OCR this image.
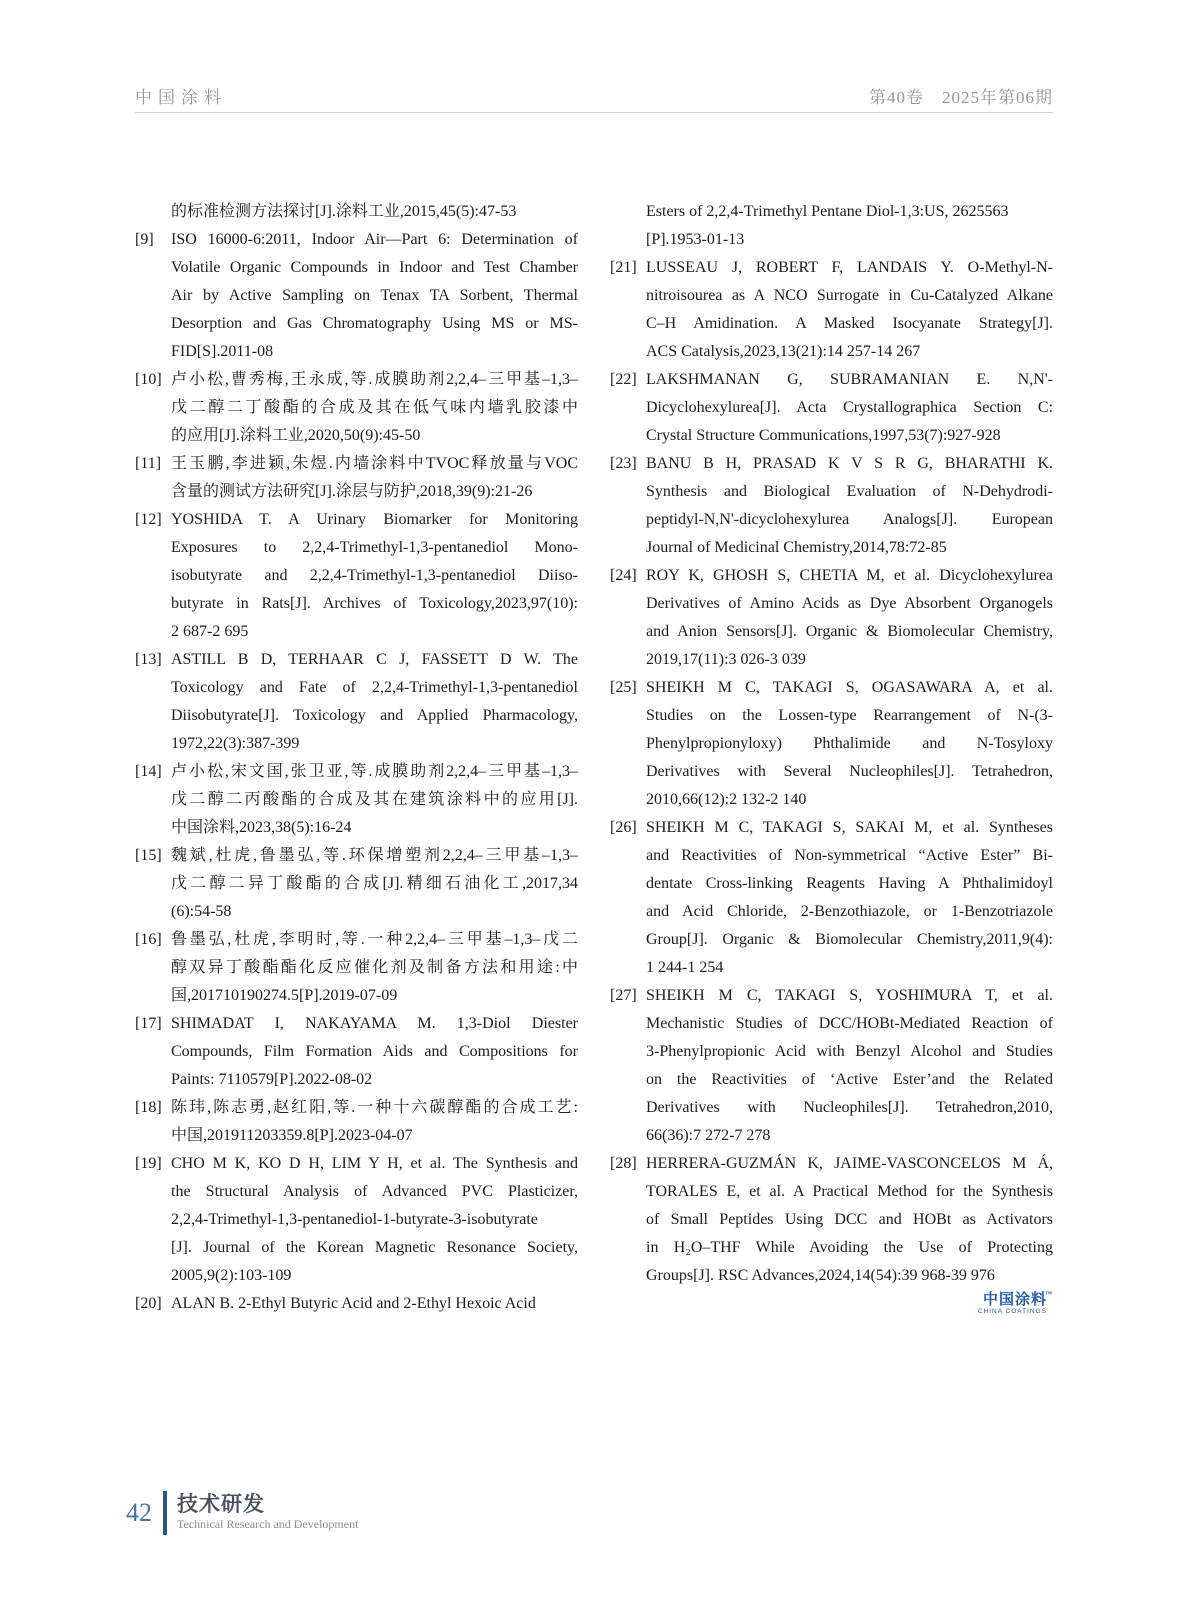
中国涂料	第40卷 2025年第06期
的标准检测方法探讨[J].涂料工业,2015,45(5):47-53
[9] ISO 16000-6:2011, Indoor Air—Part 6: Determination of
Volatile Organic Compounds in Indoor and Test Chamber
Air by Active Sampling on Tenax TA Sorbent, Thermal
Desorption and Gas Chromatography Using MS or MS-
FID[S].2011-08
[10] 卢小松,曹秀梅,王永成,等.成膜助剂2,2,4–三甲基–1,3–
戊二醇二丁酸酯的合成及其在低气味内墙乳胶漆中
的应用[J].涂料工业,2020,50(9):45-50
[11] 王玉鹏,李进颖,朱煜.内墙涂料中TVOC释放量与VOC
含量的测试方法研究[J].涂层与防护,2018,39(9):21-26
[12] YOSHIDA T. A Urinary Biomarker for Monitoring
Exposures to 2,2,4-Trimethyl-1,3-pentanediol Mono-
isobutyrate and 2,2,4-Trimethyl-1,3-pentanediol Diiso-
butyrate in Rats[J]. Archives of Toxicology,2023,97(10):
2 687-2 695
[13] ASTILL B D, TERHAAR C J, FASSETT D W. The
Toxicology and Fate of 2,2,4-Trimethyl-1,3-pentanediol
Diisobutyrate[J]. Toxicology and Applied Pharmacology,
1972,22(3):387-399
[14] 卢小松,宋文国,张卫亚,等.成膜助剂2,2,4–三甲基–1,3–
戊二醇二丙酸酯的合成及其在建筑涂料中的应用[J].
中国涂料,2023,38(5):16-24
[15] 魏斌,杜虎,鲁墨弘,等.环保增塑剂2,2,4–三甲基–1,3–
戊二醇二异丁酸酯的合成[J].精细石油化工,2017,34
(6):54-58
[16] 鲁墨弘,杜虎,李明时,等.一种2,2,4–三甲基–1,3–戊二
醇双异丁酸酯酯化反应催化剂及制备方法和用途:中
国,201710190274.5[P].2019-07-09
[17] SHIMADAT I, NAKAYAMA M. 1,3-Diol Diester
Compounds, Film Formation Aids and Compositions for
Paints: 7110579[P].2022-08-02
[18] 陈玮,陈志勇,赵红阳,等.一种十六碳醇酯的合成工艺:
中国,201911203359.8[P].2023-04-07
[19] CHO M K, KO D H, LIM Y H, et al. The Synthesis and
the Structural Analysis of Advanced PVC Plasticizer,
2,2,4-Trimethyl-1,3-pentanediol-1-butyrate-3-isobutyrate
[J]. Journal of the Korean Magnetic Resonance Society,
2005,9(2):103-109
[20] ALAN B. 2-Ethyl Butyric Acid and 2-Ethyl Hexoic Acid
Esters of 2,2,4-Trimethyl Pentane Diol-1,3:US, 2625563
[P].1953-01-13
[21] LUSSEAU J, ROBERT F, LANDAIS Y. O-Methyl-N-
nitroisourea as A NCO Surrogate in Cu-Catalyzed Alkane
C–H Amidination. A Masked Isocyanate Strategy[J].
ACS Catalysis,2023,13(21):14 257-14 267
[22] LAKSHMANAN G, SUBRAMANIAN E. N,N'-
Dicyclohexylurea[J]. Acta Crystallographica Section C:
Crystal Structure Communications,1997,53(7):927-928
[23] BANU B H, PRASAD K V S R G, BHARATHI K.
Synthesis and Biological Evaluation of N-Dehydrodi-
peptidyl-N,N'-dicyclohexylurea Analogs[J]. European
Journal of Medicinal Chemistry,2014,78:72-85
[24] ROY K, GHOSH S, CHETIA M, et al. Dicyclohexylurea
Derivatives of Amino Acids as Dye Absorbent Organogels
and Anion Sensors[J]. Organic & Biomolecular Chemistry,
2019,17(11):3 026-3 039
[25] SHEIKH M C, TAKAGI S, OGASAWARA A, et al.
Studies on the Lossen-type Rearrangement of N-(3-
Phenylpropionyloxy) Phthalimide and N-Tosyloxy
Derivatives with Several Nucleophiles[J]. Tetrahedron,
2010,66(12):2 132-2 140
[26] SHEIKH M C, TAKAGI S, SAKAI M, et al. Syntheses
and Reactivities of Non-symmetrical “Active Ester” Bi-
dentate Cross-linking Reagents Having A Phthalimidoyl
and Acid Chloride, 2-Benzothiazole, or 1-Benzotriazole
Group[J]. Organic & Biomolecular Chemistry,2011,9(4):
1 244-1 254
[27] SHEIKH M C, TAKAGI S, YOSHIMURA T, et al.
Mechanistic Studies of DCC/HOBt-Mediated Reaction of
3-Phenylpropionic Acid with Benzyl Alcohol and Studies
on the Reactivities of ‘Active Ester’and the Related
Derivatives with Nucleophiles[J]. Tetrahedron,2010,
66(36):7 272-7 278
[28] HERRERA-GUZMÁN K, JAIME-VASCONCELOS M Á,
TORALES E, et al. A Practical Method for the Synthesis
of Small Peptides Using DCC and HOBt as Activators
in H₂O–THF While Avoiding the Use of Protecting
Groups[J]. RSC Advances,2024,14(54):39 968-39 976
中国涂料
™
CHINA COATINGS
42	技术研发
Technical Research and Development
